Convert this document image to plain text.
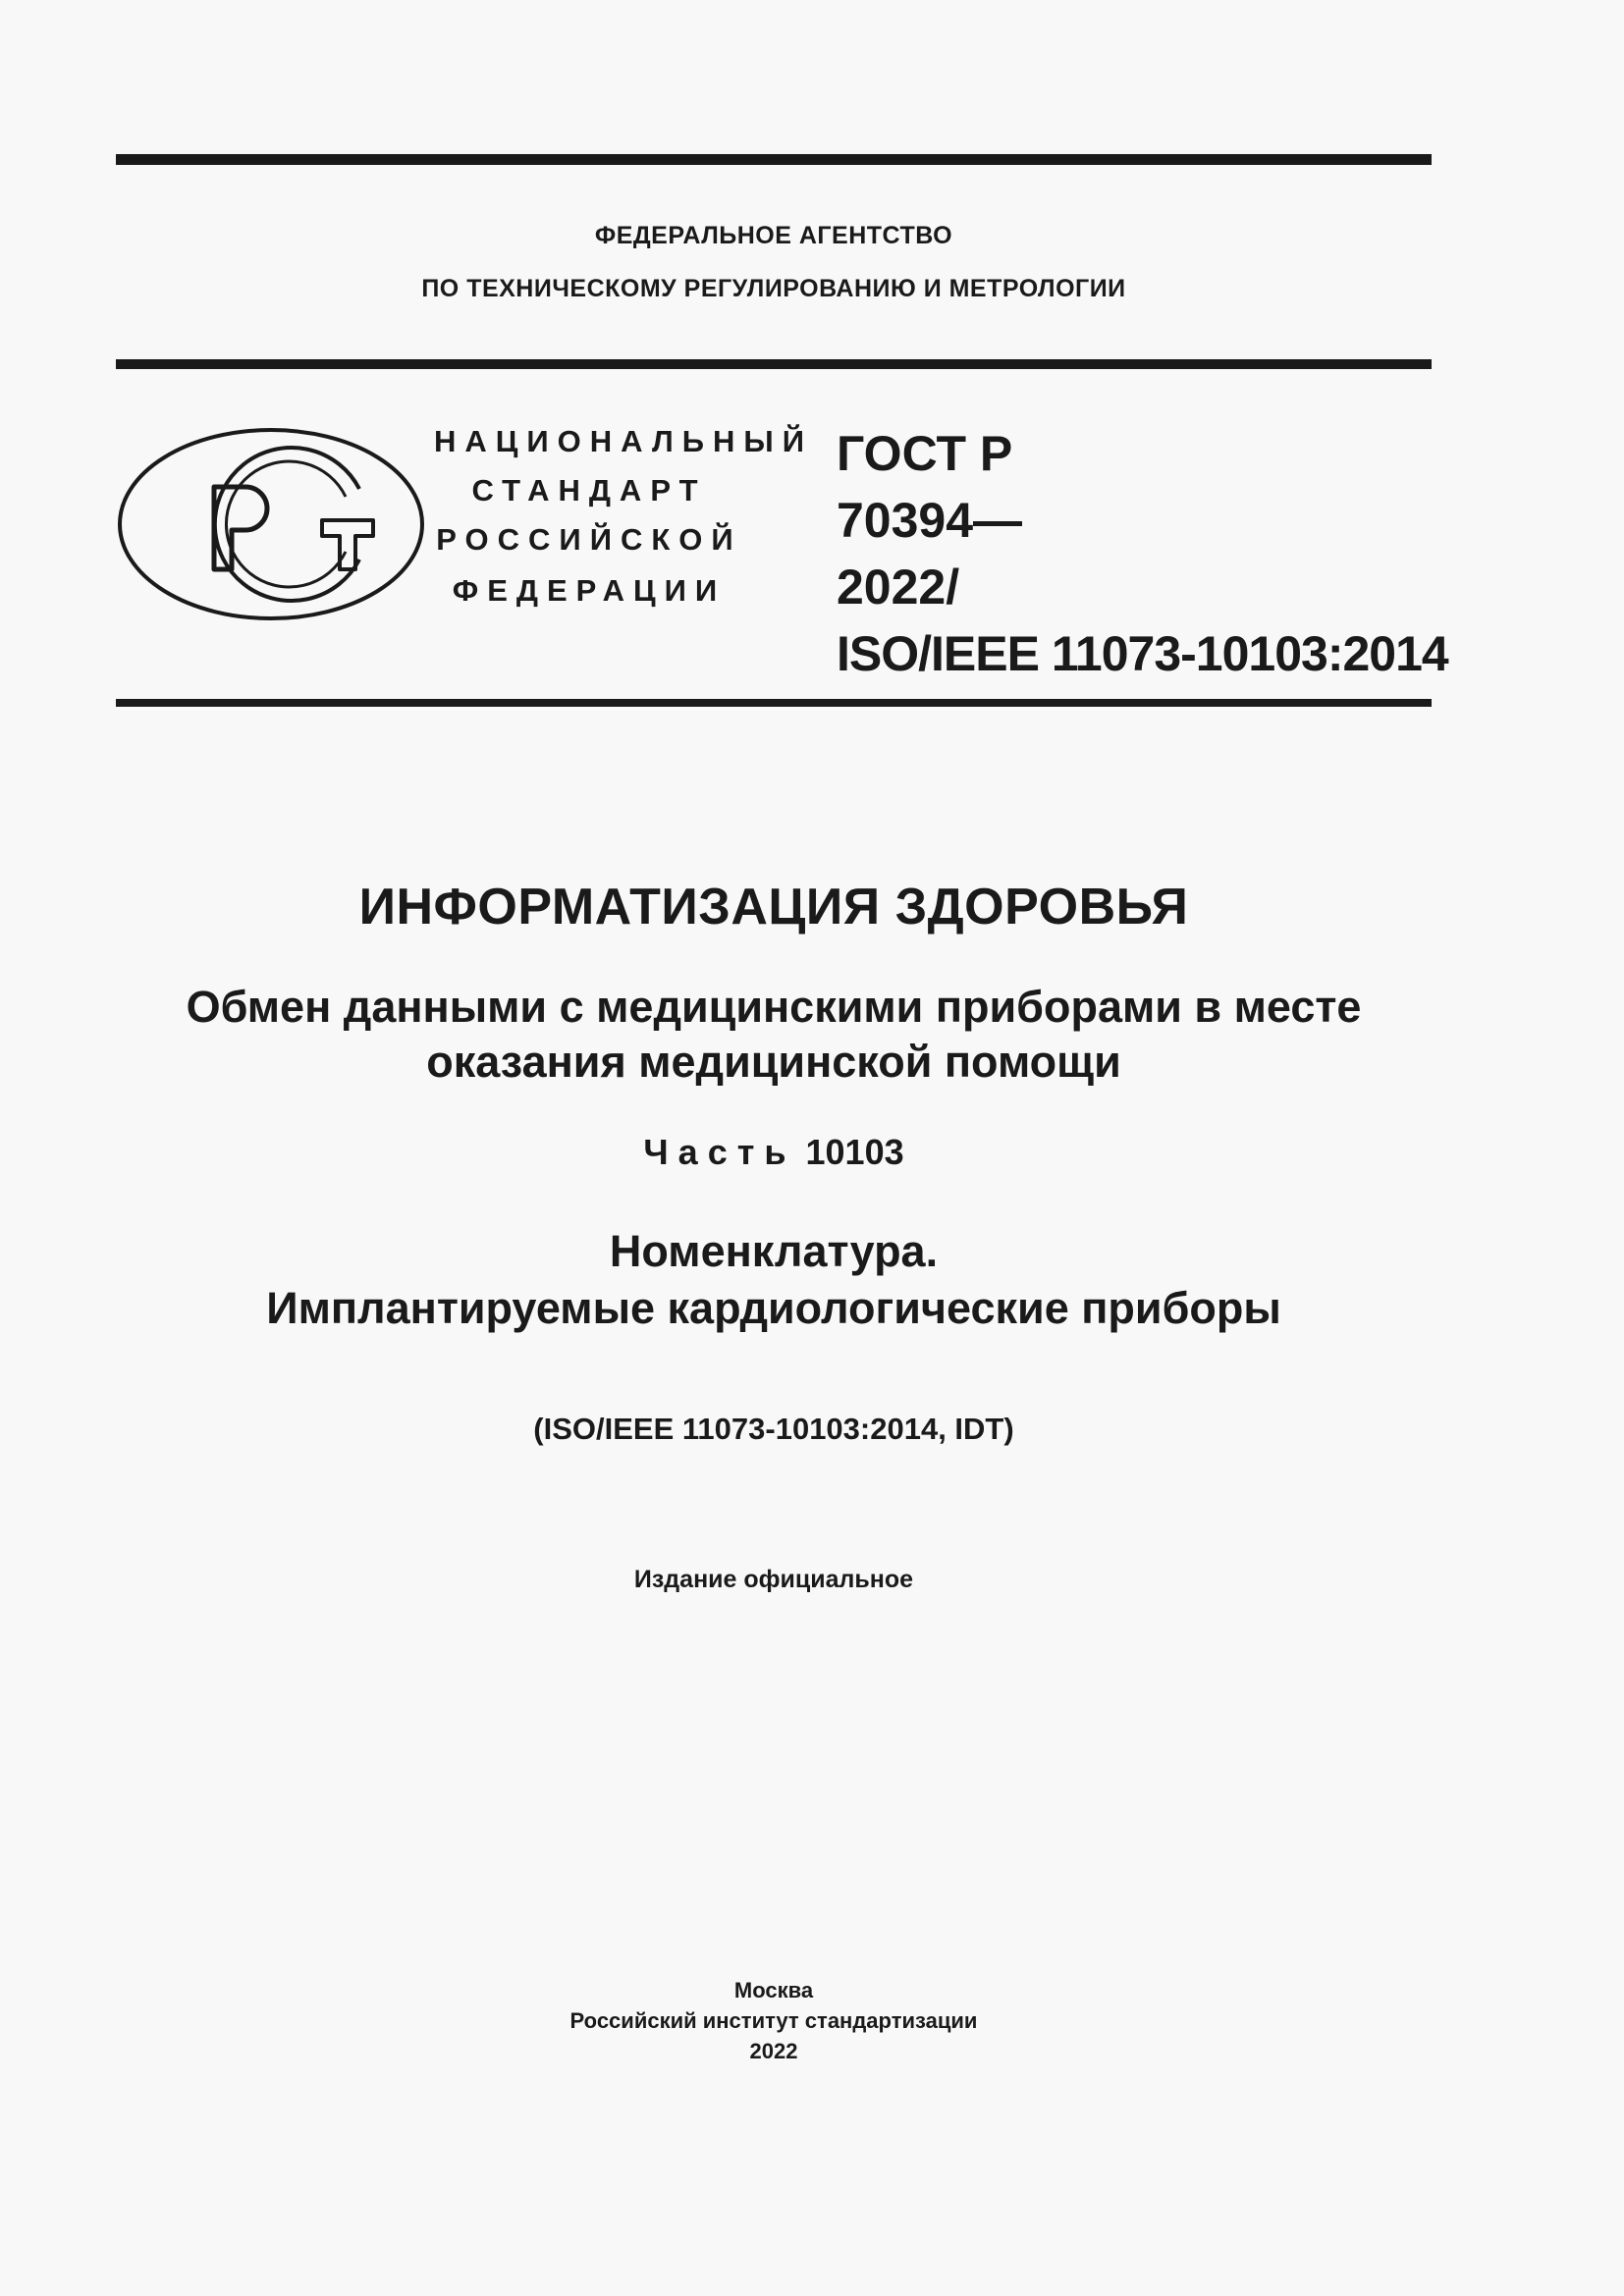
ФЕДЕРАЛЬНОЕ АГЕНТСТВО
ПО ТЕХНИЧЕСКОМУ РЕГУЛИРОВАНИЮ И МЕТРОЛОГИИ
НАЦИОНАЛЬНЫЙ
СТАНДАРТ
РОССИЙСКОЙ
ФЕДЕРАЦИИ
ГОСТ Р
70394—
2022/
ISO/IEEE 11073-10103:2014
ИНФОРМАТИЗАЦИЯ ЗДОРОВЬЯ
Обмен данными с медицинскими приборами в месте
оказания медицинской помощи
Часть 10103
Номенклатура.
Имплантируемые кардиологические приборы
(ISO/IEEE 11073-10103:2014, IDT)
Издание официальное
Москва
Российский институт стандартизации
2022
